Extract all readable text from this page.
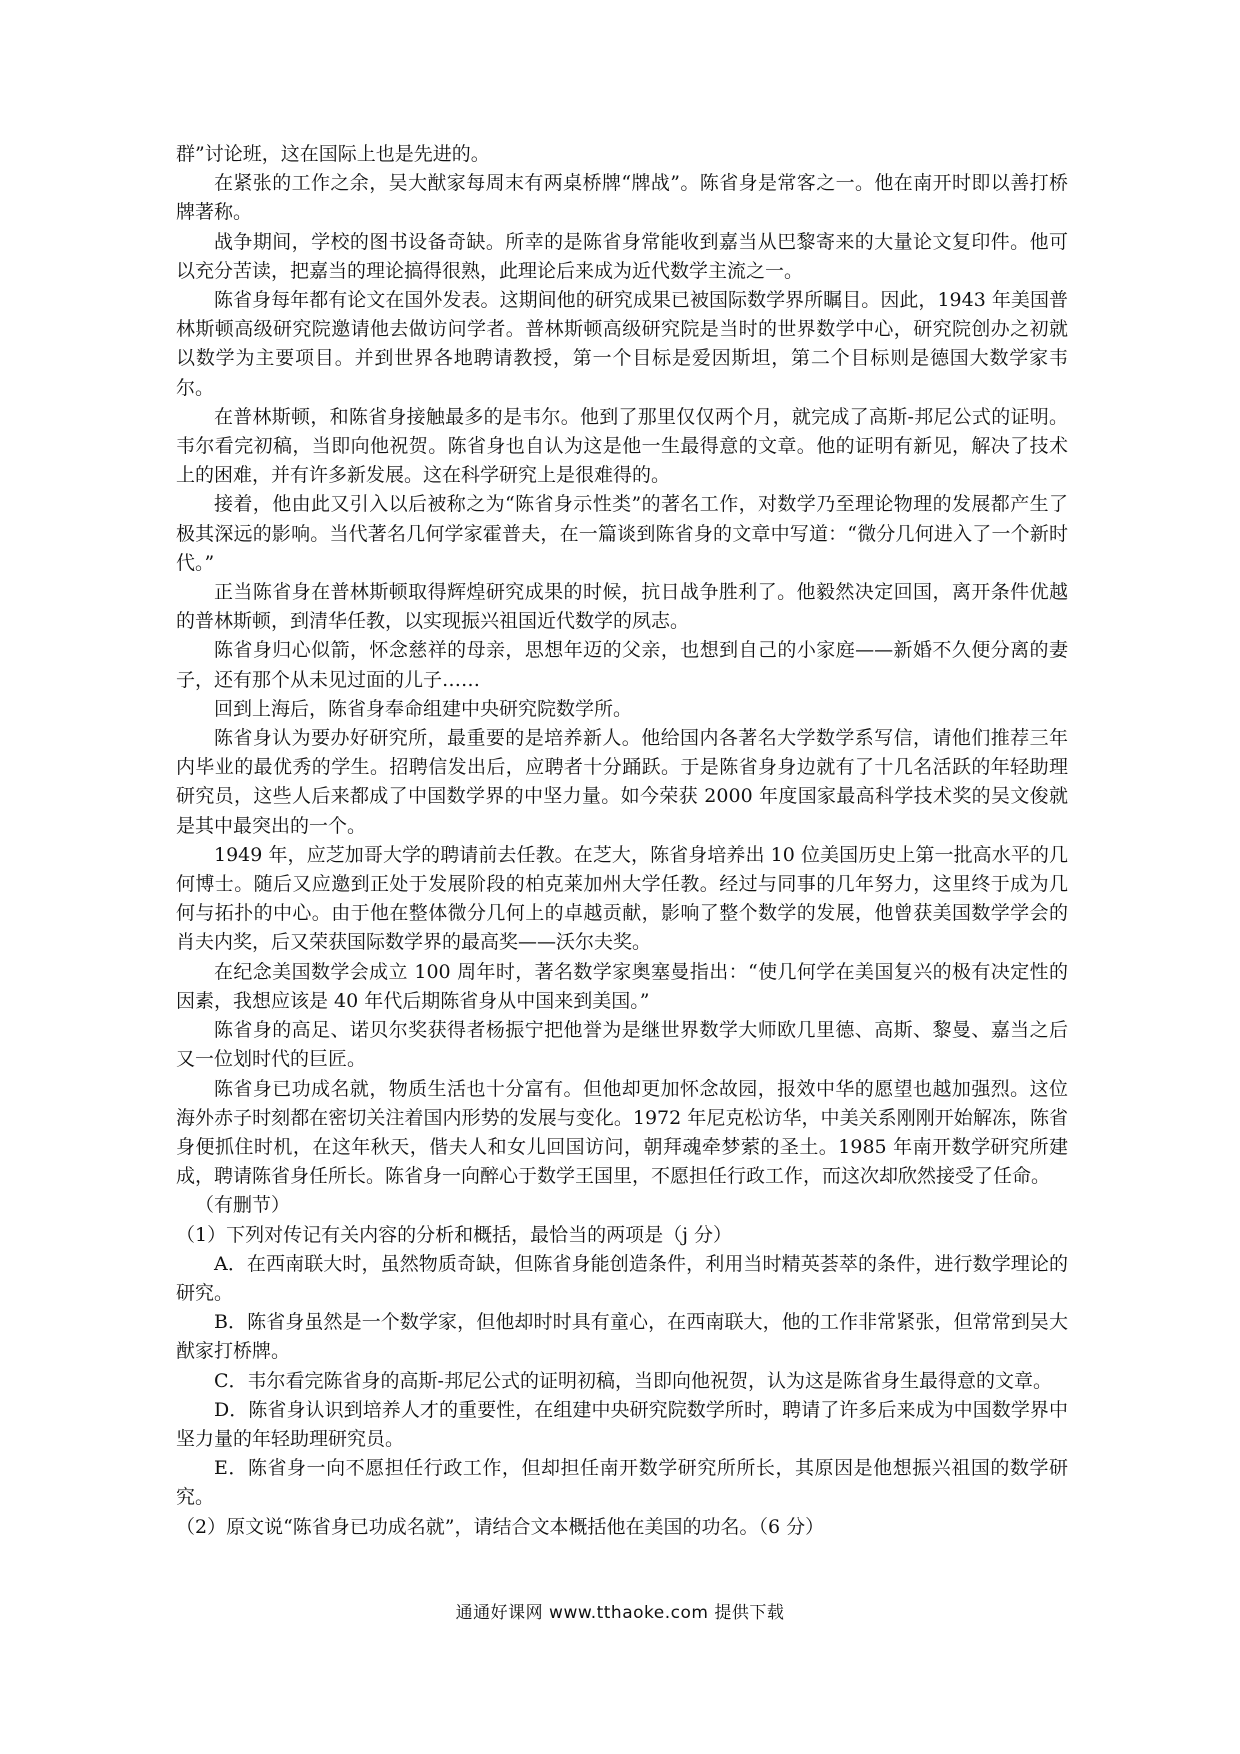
群”讨论班，这在国际上也是先进的。

在紧张的工作之余，吴大猷家每周末有两桌桥牌“牌战”。陈省身是常客之一。他在南开时即以善打桥牌著称。

战争期间，学校的图书设备奇缺。所幸的是陈省身常能收到嘉当从巴黎寄来的大量论文复印件。他可以充分苦读，把嘉当的理论搞得很熟，此理论后来成为近代数学主流之一。

陈省身每年都有论文在国外发表。这期间他的研究成果已被国际数学界所瞩目。因此，1943 年美国普林斯顿高级研究院邀请他去做访问学者。普林斯顿高级研究院是当时的世界数学中心，研究院创办之初就以数学为主要项目。并到世界各地聘请教授，第一个目标是爱因斯坦，第二个目标则是德国大数学家韦尔。

在普林斯顿，和陈省身接触最多的是韦尔。他到了那里仅仅两个月，就完成了高斯-邦尼公式的证明。韦尔看完初稿，当即向他祝贺。陈省身也自认为这是他一生最得意的文章。他的证明有新见，解决了技术上的困难，并有许多新发展。这在科学研究上是很难得的。

接着，他由此又引入以后被称之为“陈省身示性类”的著名工作，对数学乃至理论物理的发展都产生了极其深远的影响。当代著名几何学家霍普夫，在一篇谈到陈省身的文章中写道：“微分几何进入了一个新时代。”

正当陈省身在普林斯顿取得辉煌研究成果的时候，抗日战争胜利了。他毅然决定回国，离开条件优越的普林斯顿，到清华任教，以实现振兴祖国近代数学的夙志。

陈省身归心似箭，怀念慈祥的母亲，思想年迈的父亲，也想到自己的小家庭——新婚不久便分离的妻子，还有那个从未见过面的儿子……

回到上海后，陈省身奉命组建中央研究院数学所。

陈省身认为要办好研究所，最重要的是培养新人。他给国内各著名大学数学系写信，请他们推荐三年内毕业的最优秀的学生。招聘信发出后，应聘者十分踊跃。于是陈省身身边就有了十几名活跃的年轻助理研究员，这些人后来都成了中国数学界的中坚力量。如今荣获 2000 年度国家最高科学技术奖的吴文俊就是其中最突出的一个。

1949 年，应芝加哥大学的聘请前去任教。在芝大，陈省身培养出 10 位美国历史上第一批高水平的几何博士。随后又应邀到正处于发展阶段的柏克莱加州大学任教。经过与同事的几年努力，这里终于成为几何与拓扑的中心。由于他在整体微分几何上的卓越贡献，影响了整个数学的发展，他曾获美国数学学会的肖夫内奖，后又荣获国际数学界的最高奖——沃尔夫奖。

在纪念美国数学会成立 100 周年时，著名数学家奥塞曼指出：“使几何学在美国复兴的极有决定性的因素，我想应该是 40 年代后期陈省身从中国来到美国。”

陈省身的高足、诺贝尔奖获得者杨振宁把他誉为是继世界数学大师欧几里德、高斯、黎曼、嘉当之后又一位划时代的巨匠。

陈省身已功成名就，物质生活也十分富有。但他却更加怀念故园，报效中华的愿望也越加强烈。这位海外赤子时刻都在密切关注着国内形势的发展与变化。1972 年尼克松访华，中美关系刚刚开始解冻，陈省身便抓住时机，在这年秋天，偕夫人和女儿回国访问，朝拜魂牵梦萦的圣土。1985 年南开数学研究所建成，聘请陈省身任所长。陈省身一向醉心于数学王国里，不愿担任行政工作，而这次却欣然接受了任命。

（有删节）

（1）下列对传记有关内容的分析和概括，最恰当的两项是（j 分）

A．在西南联大时，虽然物质奇缺，但陈省身能创造条件，利用当时精英荟萃的条件，进行数学理论的研究。

B．陈省身虽然是一个数学家，但他却时时具有童心，在西南联大，他的工作非常紧张，但常常到吴大猷家打桥牌。

C．韦尔看完陈省身的高斯-邦尼公式的证明初稿，当即向他祝贺，认为这是陈省身生最得意的文章。

D．陈省身认识到培养人才的重要性，在组建中央研究院数学所时，聘请了许多后来成为中国数学界中坚力量的年轻助理研究员。

E．陈省身一向不愿担任行政工作，但却担任南开数学研究所所长，其原因是他想振兴祖国的数学研究。

（2）原文说“陈省身已功成名就”，请结合文本概括他在美国的功名。（6 分）

通通好课网 www.tthaoke.com 提供下载
